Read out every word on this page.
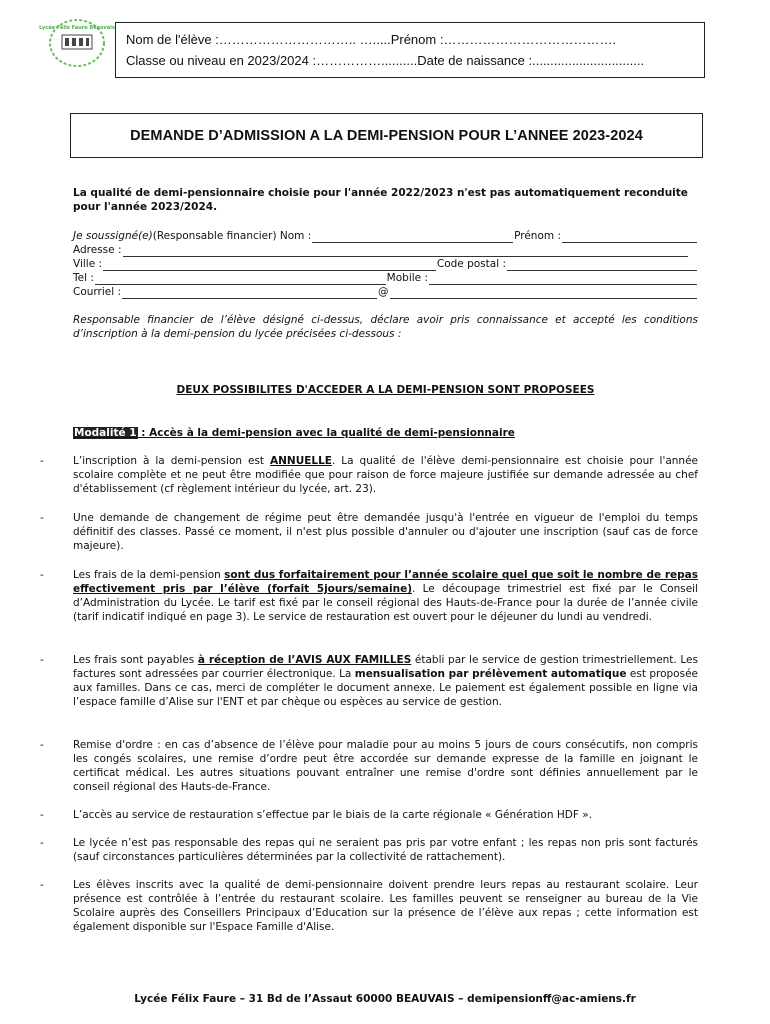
Lycée Félix Faure Beauvais
Nom de l'élève :………………………….. ….....Prénom :………………………………….
Classe ou niveau en 2023/2024 :……………..........Date de naissance :...............................
DEMANDE D’ADMISSION A LA DEMI-PENSION POUR L’ANNEE 2023-2024
La qualité de demi-pensionnaire choisie pour l'année 2022/2023 n'est pas automatiquement reconduite pour l'année 2023/2024.
Je soussigné(e) (Responsable financier) Nom :	Prénom :
Adresse :
Ville :	Code postal :
Tel :	Mobile :
Courriel :	@
Responsable financier de l’élève désigné ci-dessus, déclare avoir pris connaissance et accepté les conditions d’inscription à la demi-pension du lycée précisées ci-dessous :
DEUX POSSIBILITES D'ACCEDER A LA DEMI-PENSION SONT PROPOSEES
Modalité 1 : Accès à la demi-pension avec la qualité de demi-pensionnaire
-	L’inscription à la demi-pension est ANNUELLE. La qualité de l'élève demi-pensionnaire est choisie pour l'année scolaire complète et ne peut être modifiée que pour raison de force majeure justifiée sur demande adressée au chef d'établissement (cf règlement intérieur du lycée, art. 23).
-	Une demande de changement de régime peut être demandée jusqu'à l'entrée en vigueur de l'emploi du temps définitif des classes. Passé ce moment, il n'est plus possible d'annuler ou d'ajouter une inscription (sauf cas de force majeure).
-	Les frais de la demi-pension sont dus forfaitairement pour l’année scolaire quel que soit le nombre de repas effectivement pris par l’élève (forfait 5jours/semaine). Le découpage trimestriel est fixé par le Conseil d’Administration du Lycée. Le tarif est fixé par le conseil régional des Hauts-de-France pour la durée de l’année civile (tarif indicatif indiqué en page 3). Le service de restauration est ouvert pour le déjeuner du lundi au vendredi.
-	Les frais sont payables à réception de l’AVIS AUX FAMILLES établi par le service de gestion trimestriellement. Les factures sont adressées par courrier électronique. La mensualisation par prélèvement automatique est proposée aux familles. Dans ce cas, merci de compléter le document annexe. Le paiement est également possible en ligne via l’espace famille d’Alise sur l'ENT et par chèque ou espèces au service de gestion.
-	Remise d'ordre : en cas d’absence de l’élève pour maladie pour au moins 5 jours de cours consécutifs, non compris les congés scolaires, une remise d’ordre peut être accordée sur demande expresse de la famille en joignant le certificat médical. Les autres situations pouvant entraîner une remise d'ordre sont définies annuellement par le conseil régional des Hauts-de-France.
-	L’accès au service de restauration s’effectue par le biais de la carte régionale « Génération HDF ».
-	Le lycée n’est pas responsable des repas qui ne seraient pas pris par votre enfant ; les repas non pris sont facturés (sauf circonstances particulières déterminées par la collectivité de rattachement).
-	Les élèves inscrits avec la qualité de demi-pensionnaire doivent prendre leurs repas au restaurant scolaire. Leur présence est contrôlée à l’entrée du restaurant scolaire. Les familles peuvent se renseigner au bureau de la Vie Scolaire auprès des Conseillers Principaux d’Education sur la présence de l’élève aux repas ; cette information est également disponible sur l'Espace Famille d'Alise.
Lycée Félix Faure – 31 Bd de l’Assaut 60000 BEAUVAIS – demipensionff@ac-amiens.fr
